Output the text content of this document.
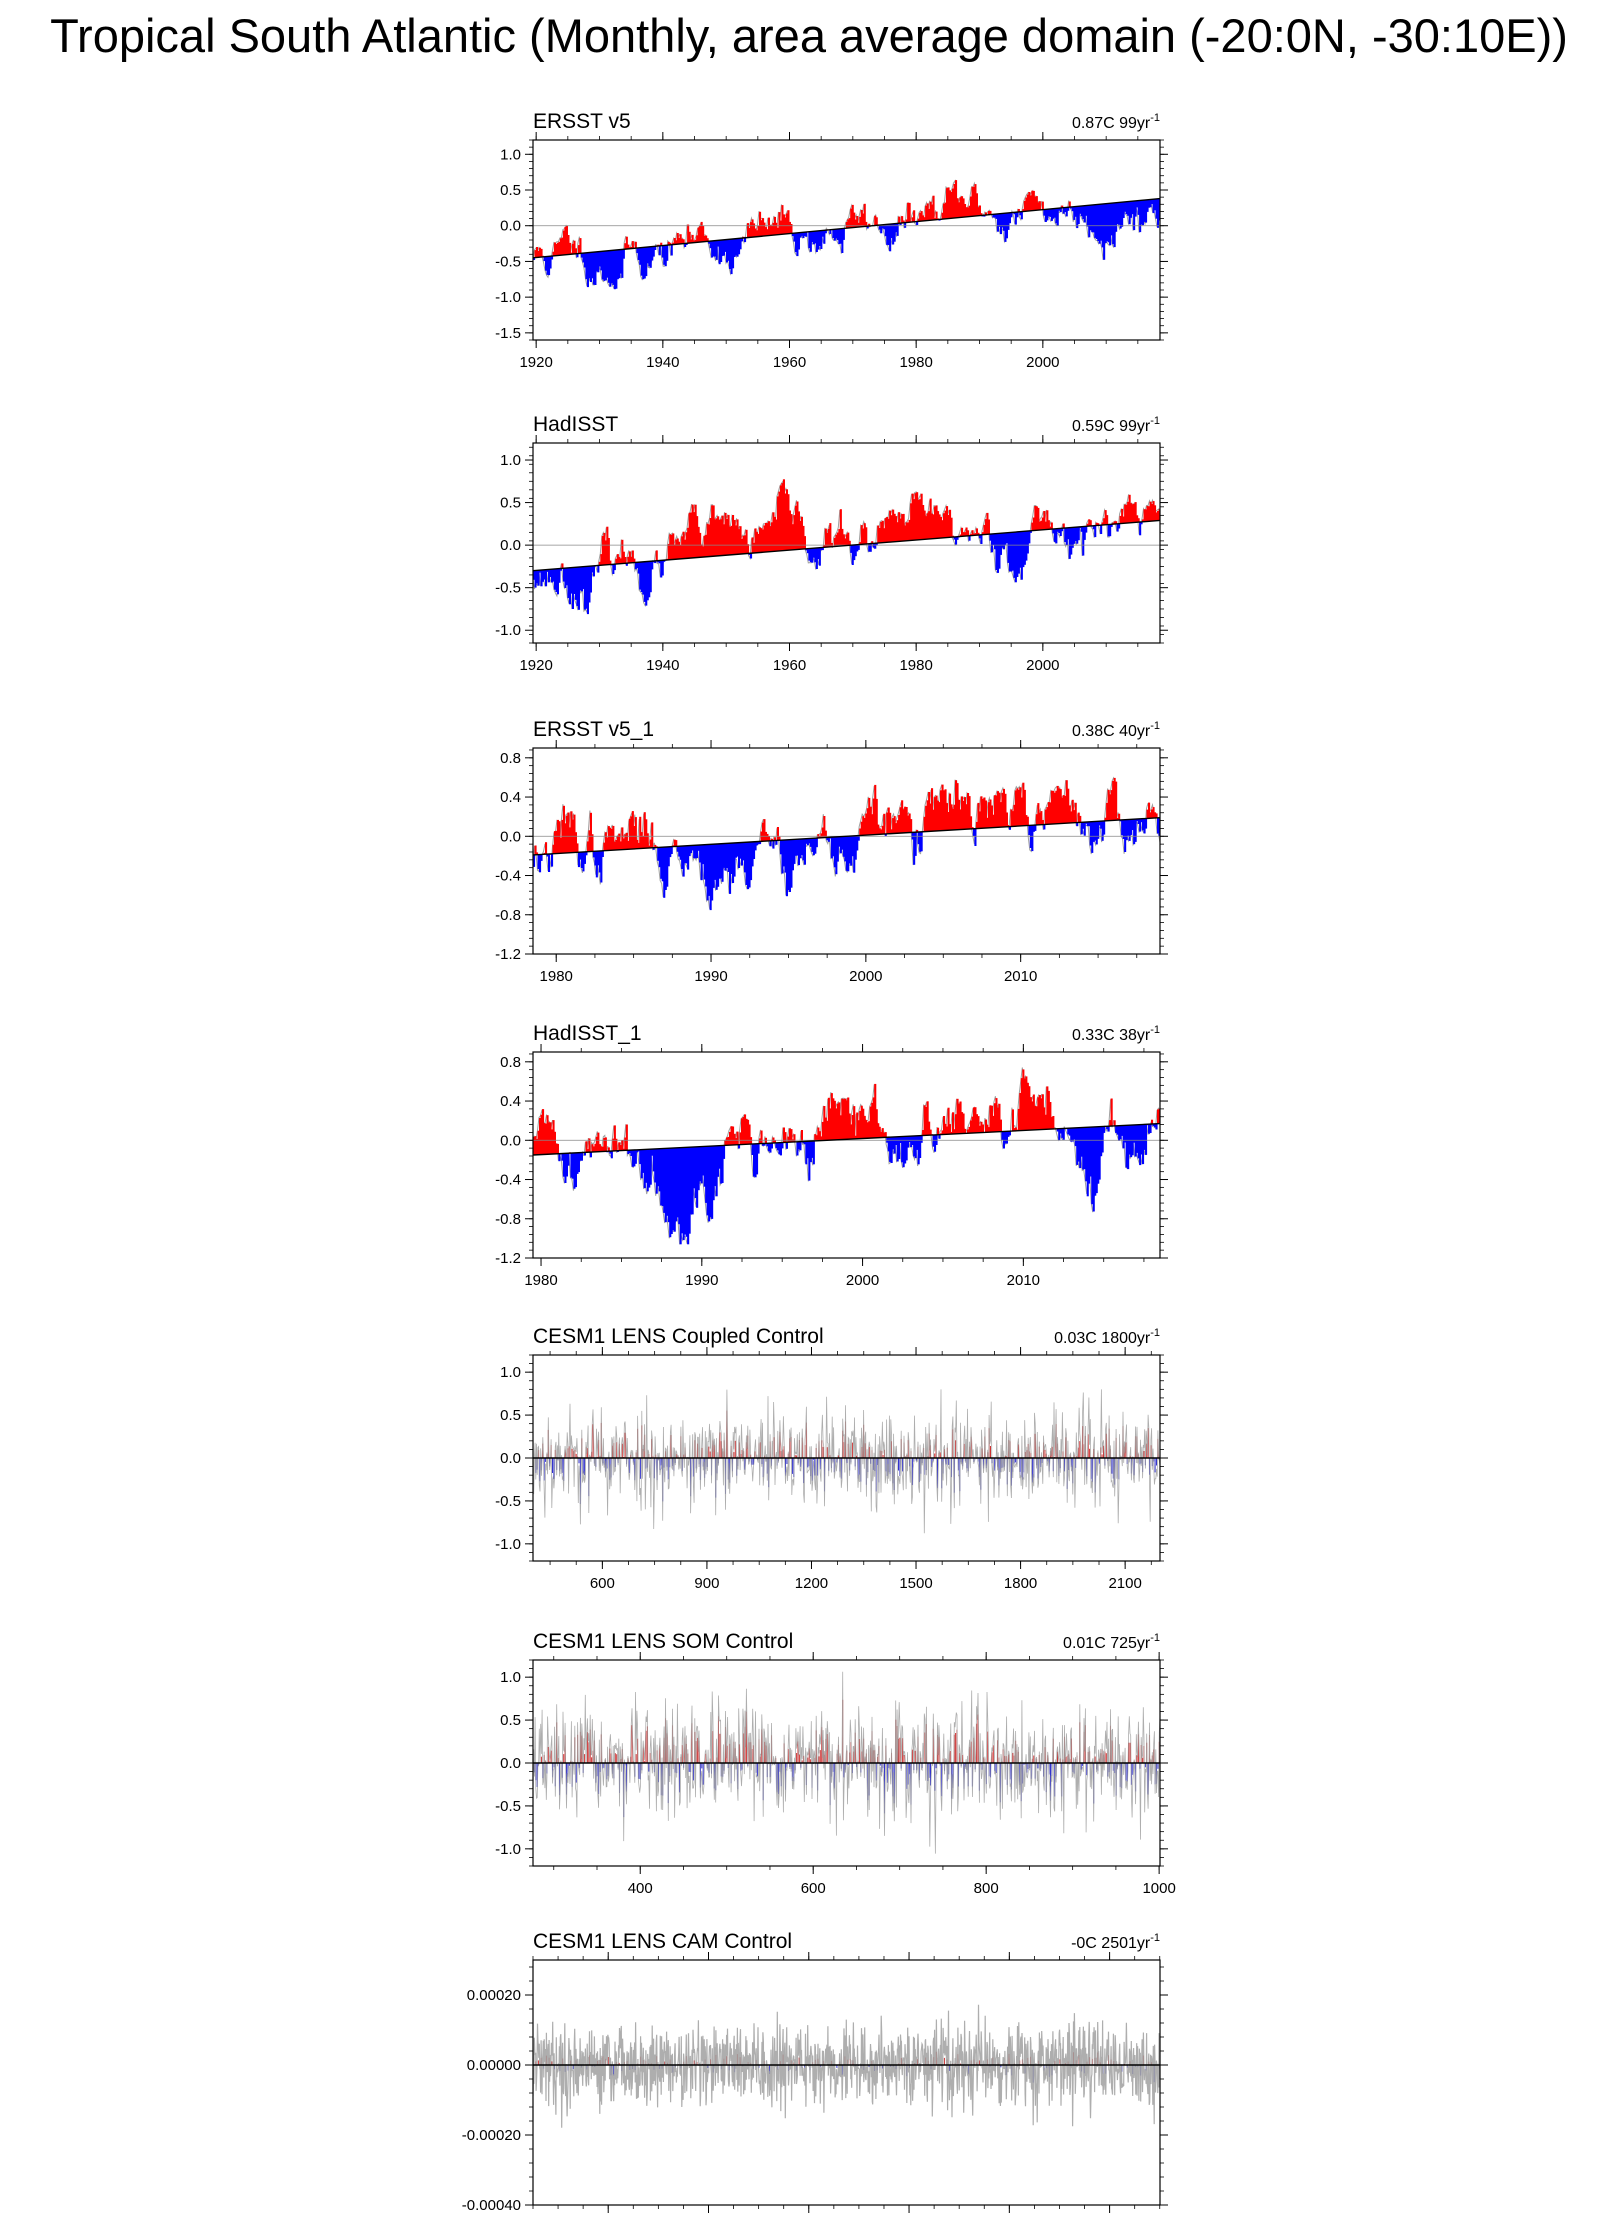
Tropical South Atlantic (Monthly, area average domain (-20:0N, -30:10E))
ERSST v5	0.87C $99yr^{-1}$
-1.5
-1.0
-0.5
0.0
0.5
1.0
1920	1940	1960	1980	2000
HadISST	0.59C $99yr^{-1}$
-1.0
-0.5
0.0
0.5
1.0
1920	1940	1960	1980	2000
ERSST v5_1	0.38C $40yr^{-1}$
-1.2
-0.8
-0.4
0.0
0.4
0.8
1980	1990	2000	2010
HadISST_1	0.33C $38yr^{-1}$
-1.2
-0.8
-0.4
0.0
0.4
0.8
1980	1990	2000	2010
CESM1 LENS Coupled Control	0.03C $1800yr^{-1}$
-1.0
-0.5
0.0
0.5
1.0
600	900	1200	1500	1800	2100
CESM1 LENS SOM Control	0.01C $725yr^{-1}$
-1.0
-0.5
0.0
0.5
1.0
400	600	800	1000
CESM1 LENS CAM Control	-0C $2501yr^{-1}$
-0.00040
-0.00020
0.00000
0.00020
